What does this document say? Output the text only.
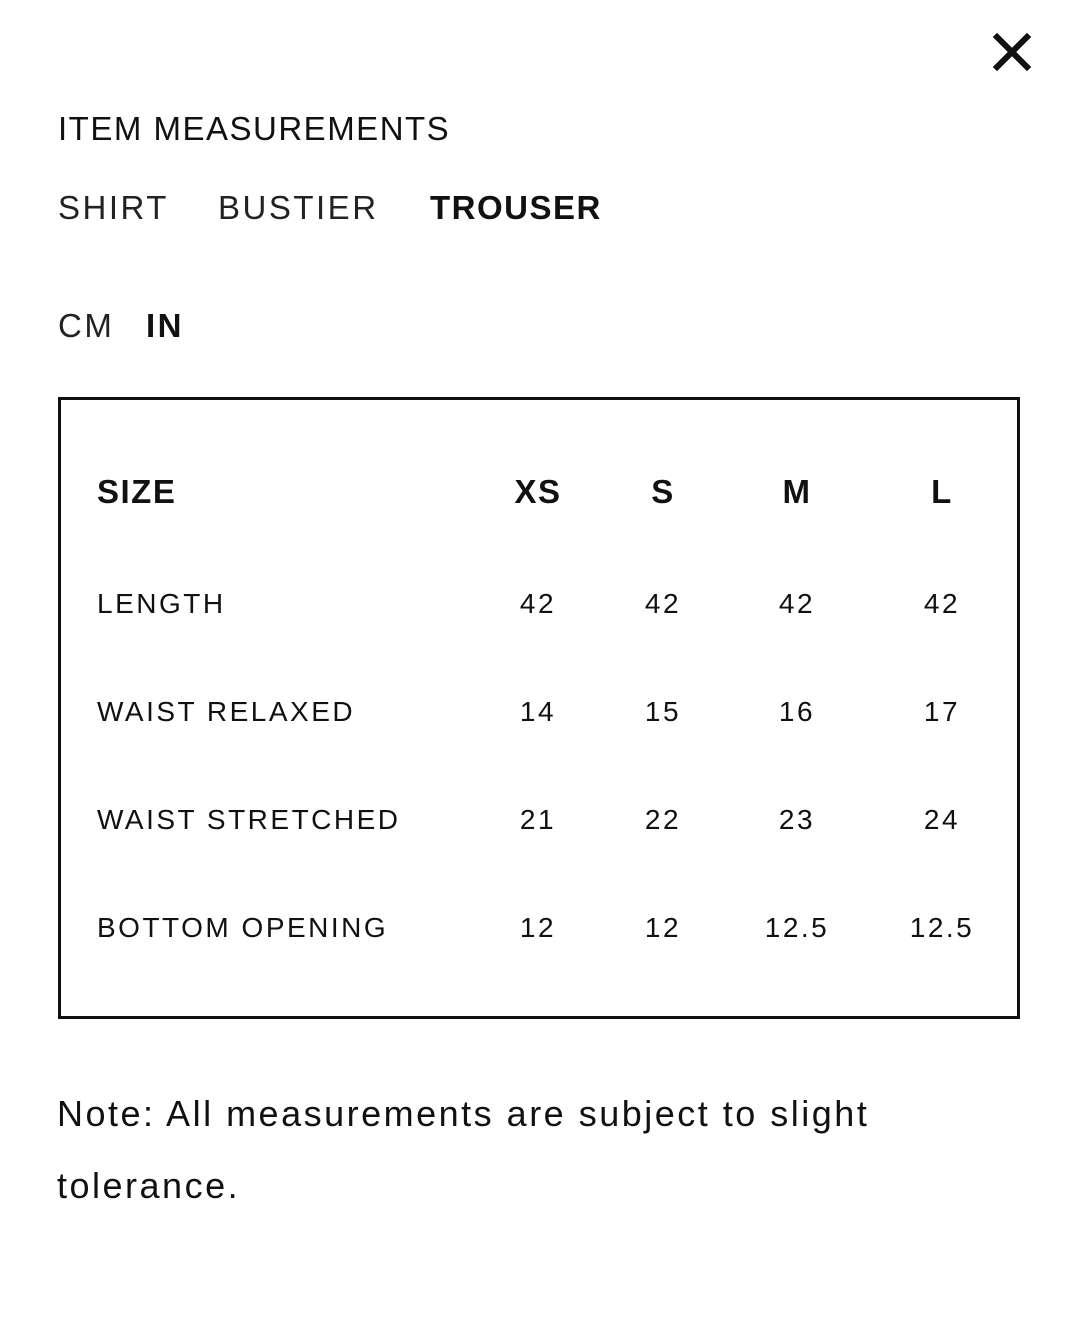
ITEM MEASUREMENTS
SHIRT BUSTIER TROUSER
CM IN
SIZE	XS	S	M	L
LENGTH	42	42	42	42
WAIST RELAXED	14	15	16	17
WAIST STRETCHED	21	22	23	24
BOTTOM OPENING	12	12	12.5	12.5
Note: All measurements are subject to slight tolerance.
